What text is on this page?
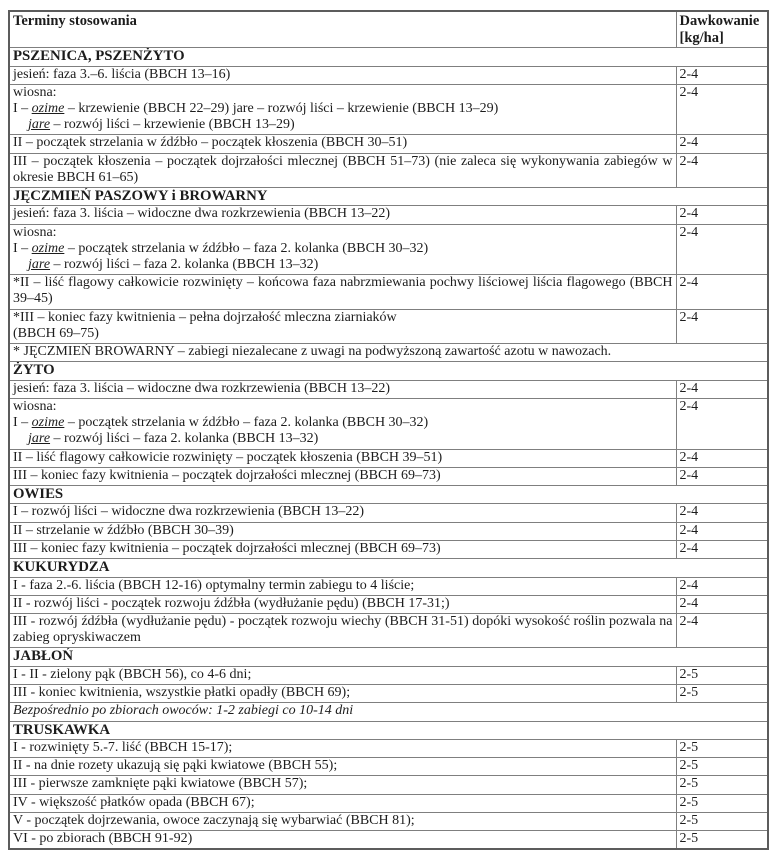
Terminy stosowania	Dawkowanie
[kg/ha]

PSZENICA, PSZENŻYTO	

jesień: faza 3.–6. liścia (BBCH 13–16)	2-4

wiosna:
I – ozime – krzewienie (BBCH 22–29) jare – rozwój liści – krzewienie (BBCH 13–29)
jare – rozwój liści – krzewienie (BBCH 13–29)	2-4

II – początek strzelania w źdźbło – początek kłoszenia (BBCH 30–51)	2-4

III – początek kłoszenia – początek dojrzałości mlecznej (BBCH 51–73) (nie zaleca się wykonywania zabiegów w okresie BBCH 61–65)	2-4
JĘCZMIEŃ PASZOWY i BROWARNY	

jesień: faza 3. liścia – widoczne dwa rozkrzewienia (BBCH 13–22)	2-4

wiosna:
I – ozime – początek strzelania w źdźbło – faza 2. kolanka (BBCH 30–32)
jare – rozwój liści – faza 2. kolanka (BBCH 13–32)	2-4

*II – liść flagowy całkowicie rozwinięty – końcowa faza nabrzmiewania pochwy liściowej liścia flagowego (BBCH 39–45)	2-4

*III – koniec fazy kwitnienia – pełna dojrzałość mleczna ziarniaków
(BBCH 69–75)	2-4
* JĘCZMIEŃ BROWARNY – zabiegi niezalecane z uwagi na podwyższoną zawartość azotu w nawozach.	
ŻYTO	

jesień: faza 3. liścia – widoczne dwa rozkrzewienia (BBCH 13–22)	2-4

wiosna:
I – ozime – początek strzelania w źdźbło – faza 2. kolanka (BBCH 30–32)
jare – rozwój liści – faza 2. kolanka (BBCH 13–32)	2-4

II – liść flagowy całkowicie rozwinięty – początek kłoszenia (BBCH 39–51)	2-4

III – koniec fazy kwitnienia – początek dojrzałości mlecznej (BBCH 69–73)	2-4
OWIES	

I – rozwój liści – widoczne dwa rozkrzewienia (BBCH 13–22)	2-4

II – strzelanie w źdźbło (BBCH 30–39)	2-4

III – koniec fazy kwitnienia – początek dojrzałości mlecznej (BBCH 69–73)	2-4
KUKURYDZA	

I - faza 2.-6. liścia (BBCH 12-16) optymalny termin zabiegu to 4 liście;	2-4

II - rozwój liści - początek rozwoju źdźbła (wydłużanie pędu) (BBCH 17-31;)	2-4

III - rozwój źdźbła (wydłużanie pędu) - początek rozwoju wiechy (BBCH 31-51) dopóki wysokość roślin pozwala na zabieg opryskiwaczem	2-4
JABŁOŃ	

I - II - zielony pąk (BBCH 56), co 4-6 dni;	2-5

III - koniec kwitnienia, wszystkie płatki opadły (BBCH 69);	2-5
Bezpośrednio po zbiorach owoców: 1-2 zabiegi co 10-14 dni	
TRUSKAWKA	

I - rozwinięty 5.-7. liść (BBCH 15-17);	2-5

II - na dnie rozety ukazują się pąki kwiatowe (BBCH 55);	2-5

III - pierwsze zamknięte pąki kwiatowe (BBCH 57);	2-5

IV - większość płatków opada (BBCH 67);	2-5

V - początek dojrzewania, owoce zaczynają się wybarwiać (BBCH 81);	2-5

VI - po zbiorach (BBCH 91-92)	2-5
